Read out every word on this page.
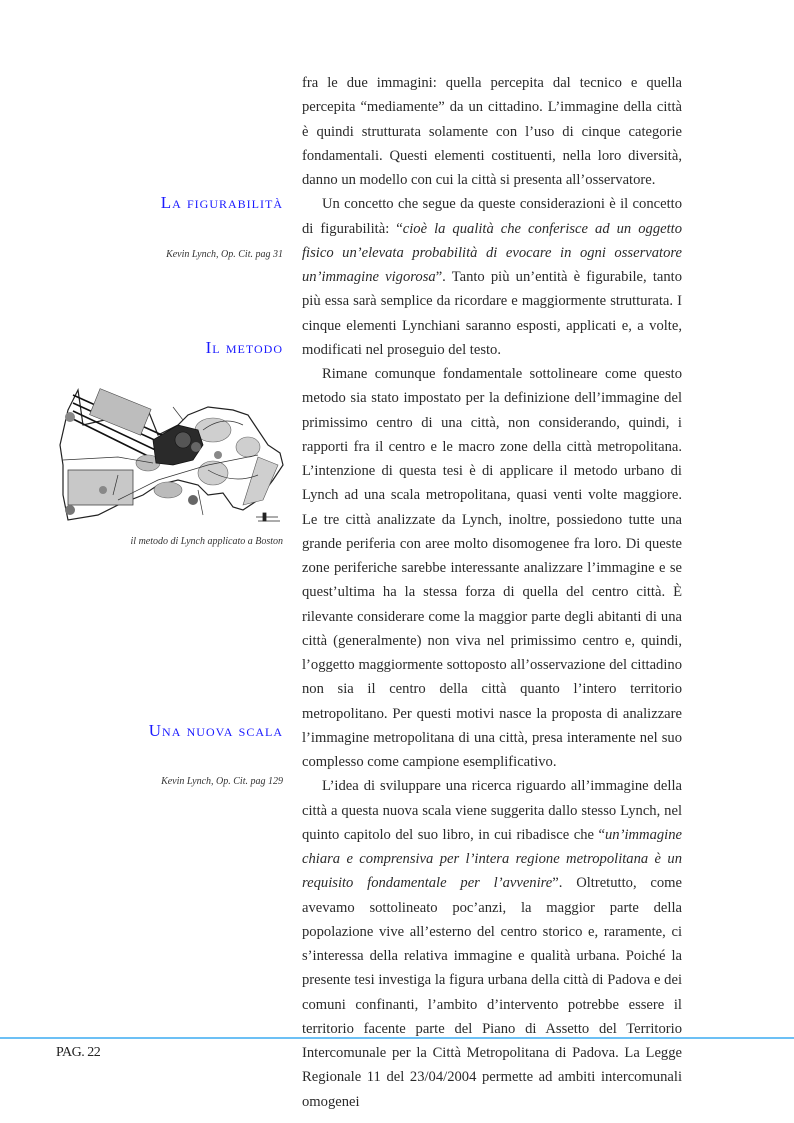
La figurabilità
Kevin Lynch, Op. Cit. pag 31
Il metodo
il metodo di Lynch applicato a Boston
Una nuova scala
Kevin Lynch, Op. Cit. pag 129

fra le due immagini: quella percepita dal tecnico e quella percepita “mediamente” da un cittadino. L’immagine della città è quindi strutturata solamente con l’uso di cinque categorie fondamentali. Questi elementi costituenti, nella loro diversità, danno un modello con cui la città si presenta all’osservatore.

Un concetto che segue da queste considerazioni è il concetto di figurabilità: “cioè la qualità che conferisce ad un oggetto fisico un’elevata probabilità di evocare in ogni osservatore un’immagine vigorosa”. Tanto più un’entità è figurabile, tanto più essa sarà semplice da ricordare e maggiormente strutturata. I cinque elementi Lynchiani saranno esposti, applicati e, a volte, modificati nel proseguio del testo.

Rimane comunque fondamentale sottolineare come questo metodo sia stato impostato per la definizione dell’immagine del primissimo centro di una città, non considerando, quindi, i rapporti fra il centro e le macro zone della città metropolitana. L’intenzione di questa tesi è di applicare il metodo urbano di Lynch ad una scala metropolitana, quasi venti volte maggiore. Le tre città analizzate da Lynch, inoltre, possiedono tutte una grande periferia con aree molto disomogenee fra loro. Di queste zone periferiche sarebbe interessante analizzare l’immagine e se quest’ultima ha la stessa forza di quella del centro città. È rilevante considerare come la maggior parte degli abitanti di una città (generalmente) non viva nel primissimo centro e, quindi, l’oggetto maggiormente sottoposto all’osservazione del cittadino non sia il centro della città quanto l’intero territorio metropolitano. Per questi motivi nasce la proposta di analizzare l’immagine metropolitana di una città, presa interamente nel suo complesso come campione esemplificativo.

L’idea di sviluppare una ricerca riguardo all’immagine della città a questa nuova scala viene suggerita dallo stesso Lynch, nel quinto capitolo del suo libro, in cui ribadisce che “un’immagine chiara e comprensiva per l’intera regione metropolitana è un requisito fondamentale per l’avvenire”. Oltretutto, come avevamo sottolineato poc’anzi, la maggior parte della popolazione vive all’esterno del centro storico e, raramente, ci s’interessa della relativa immagine e qualità urbana. Poiché la presente tesi investiga la figura urbana della città di Padova e dei comuni confinanti, l’ambito d’intervento potrebbe essere il territorio facente parte del Piano di Assetto del Territorio Intercomunale per la Città Metropolitana di Padova. La Legge Regionale 11 del 23/04/2004 permette ad ambiti intercomunali omogenei

PAG. 22
